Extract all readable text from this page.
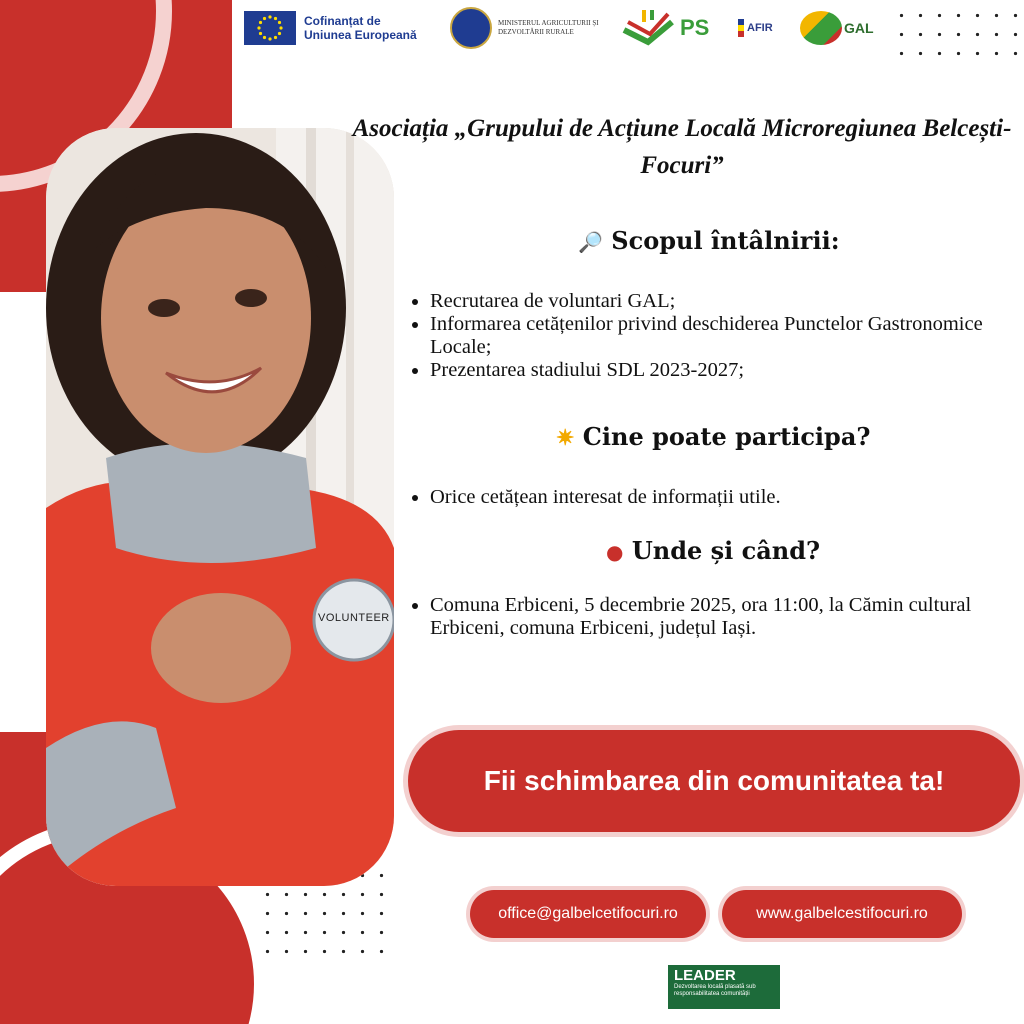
VOLUNTEER
Cofinanțat de
Uniunea Europeană
MINISTERUL AGRICULTURII ȘI
DEZVOLTĂRII RURALE	PS	AFIR	GAL
Asociația „Grupului de Acțiune Locală Microregiunea Belcești-Focuri”
🔎 Scopul întâlnirii:
• Recrutarea de voluntari GAL;
• Informarea cetățenilor privind deschiderea Punctelor Gastronomice Locale;
• Prezentarea stadiului SDL 2023-2027;
✷ Cine poate participa?
• Orice cetățean interesat de informații utile.
● Unde și când?
• Comuna Erbiceni, 5 decembrie 2025, ora 11:00, la Cămin cultural Erbiceni, comuna Erbiceni, județul Iași.
Fii schimbarea din comunitatea ta!
office@galbelcetifocuri.ro	www.galbelcestifocuri.ro
LEADER
Dezvoltarea locală plasată sub
responsabilitatea comunității
